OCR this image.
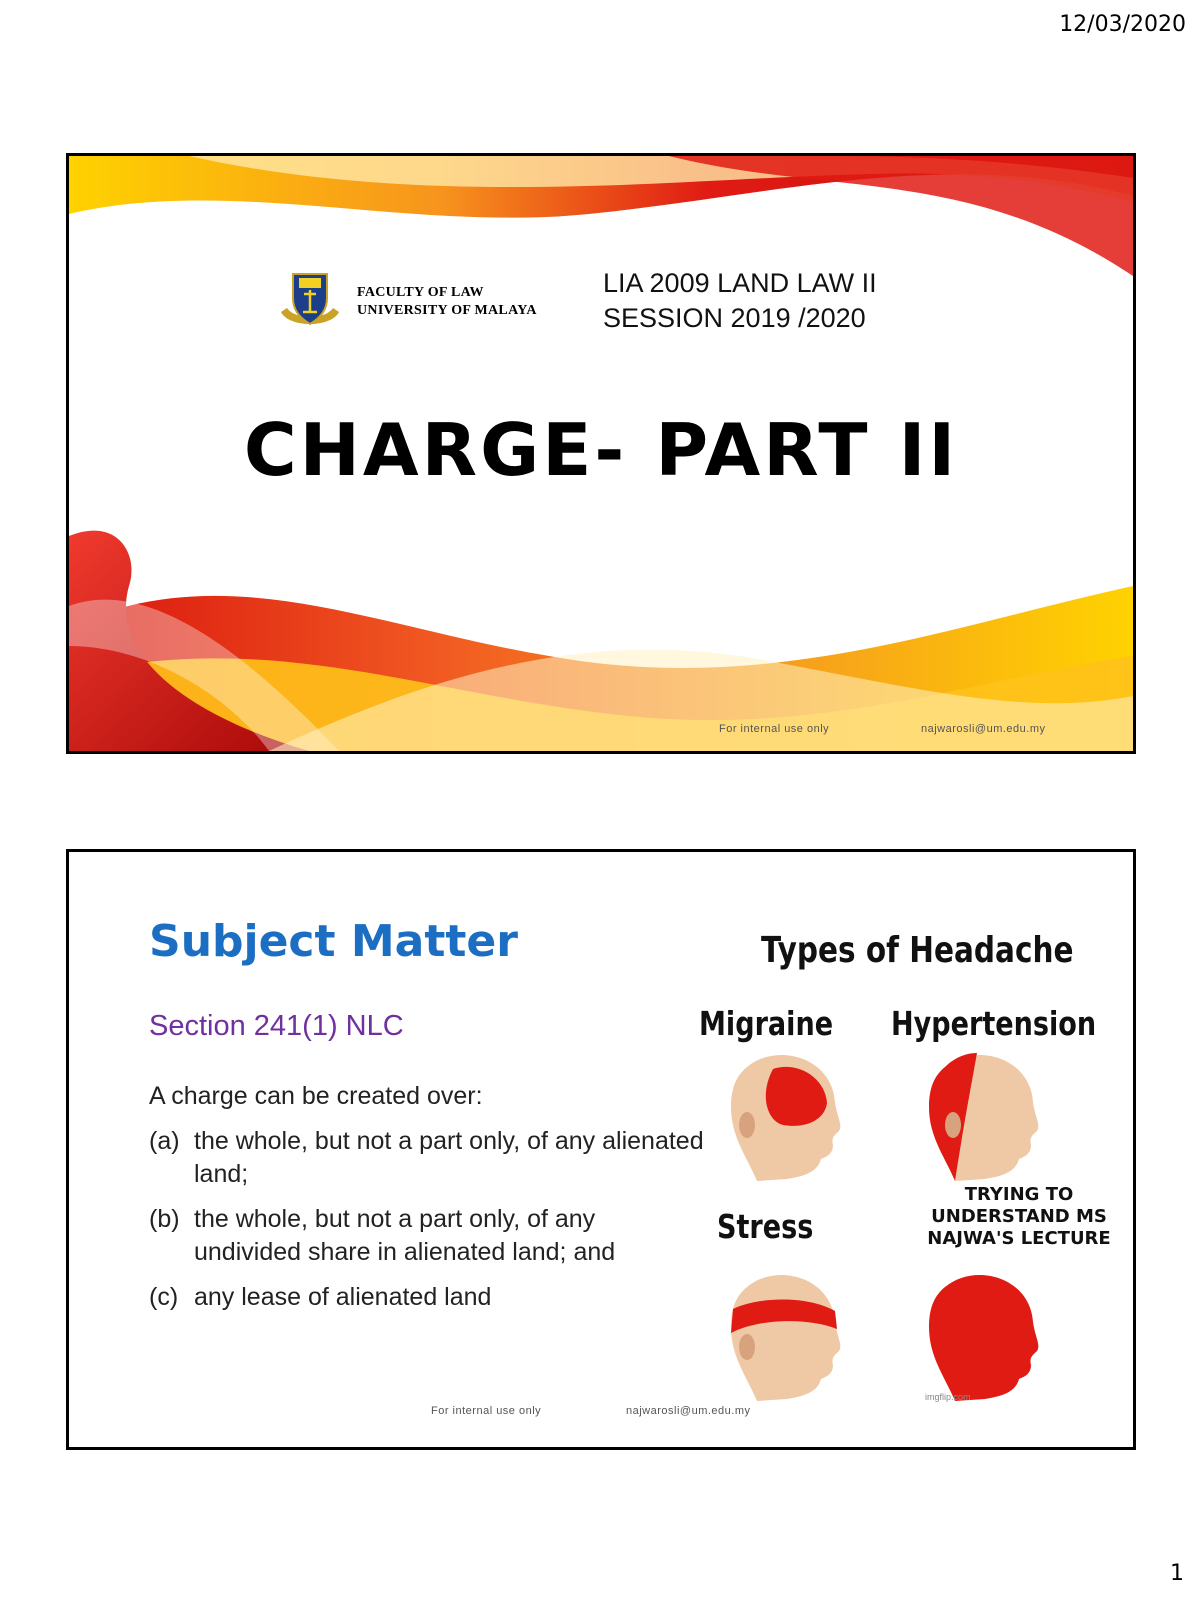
12/03/2020
FACULTY OF LAW
UNIVERSITY OF MALAYA
LIA 2009 LAND LAW II
SESSION 2019 /2020
CHARGE- PART II
For internal use only	najwarosli@um.edu.my
Subject Matter
Section 241(1) NLC

A charge can be created over:

(a) the whole, but not a part only, of any alienated land;
(b) the whole, but not a part only, of any undivided share in alienated land; and
(c) any lease of alienated land
Types of Headache
Migraine Hypertension
Stress
TRYING TO UNDERSTAND MS NAJWA'S LECTURE
imgflip.com
For internal use only	najwarosli@um.edu.my
1
